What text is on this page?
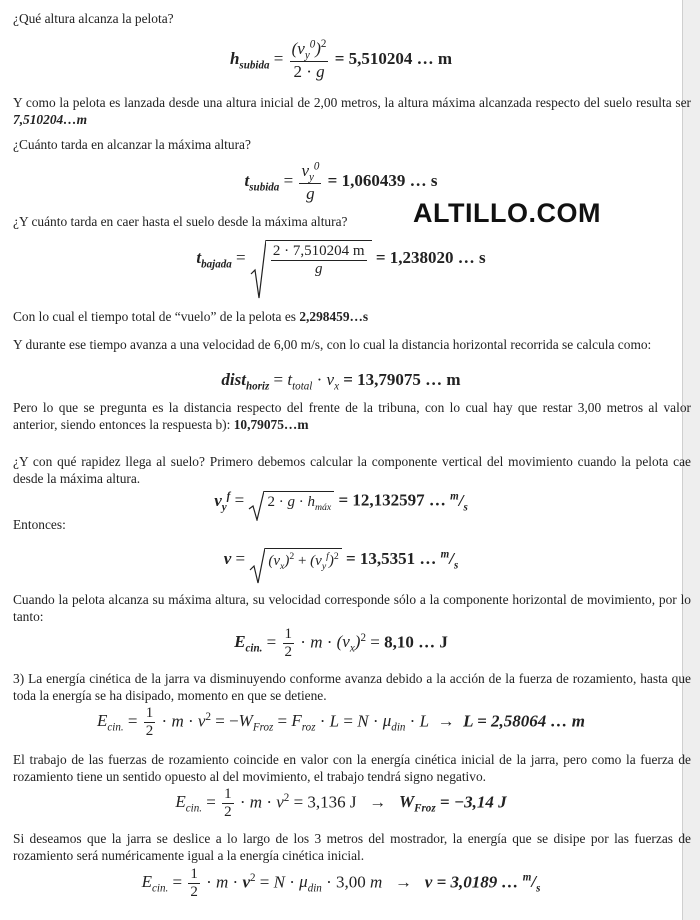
ALTILLO.COM

¿Qué altura alcanza la pelota?

$h_{subida} = \frac{(v_y^0)^2}{2 \cdot g} = 5,510204$ … m

Y como la pelota es lanzada desde una altura inicial de 2,00 metros, la altura máxima alcanzada respecto del suelo resulta ser 7,510204…m

¿Cuánto tarda en alcanzar la máxima altura?

$t_{subida} = \frac{v_y^0}{g} = 1,060439$ … s

¿Y cuánto tarda en caer hasta el suelo desde la máxima altura?

$t_{bajada} = \frac{2 \cdot 7,510204 m}{g} = 1,238020$ … s

Con lo cual el tiempo total de “vuelo” de la pelota es 2,298459…s

Y durante ese tiempo avanza a una velocidad de 6,00 m/s, con lo cual la distancia horizontal recorrida se calcula como:

dist$_{horiz}$ = $t_{total} \cdot v_x = 13,79075$ … m

Pero lo que se pregunta es la distancia respecto del frente de la tribuna, con lo cual hay que restar 3,00 metros al valor anterior, siendo entonces la respuesta b): 10,79075…m

¿Y con qué rapidez llega al suelo? Primero debemos calcular la componente vertical del movimiento cuando la pelota cae desde la máxima altura.

$v_y^f$ =
$2 \cdot g \cdot h_{máx} = 12,132597$ … $^m/_s$

Entonces:

v =
$(v_x)^2 + (v_y^f)^2 = 13,5351$ … $^m/_s$

Cuando la pelota alcanza su máxima altura, su velocidad corresponde sólo a la componente horizontal de movimiento, por lo tanto:

$E_{cin.} = \frac{1}{2} \cdot m \cdot (v_x)^2 = 8,10$ … J

3) La energía cinética de la jarra va disminuyendo conforme avanza debido a la acción de la fuerza de rozamiento, hasta que toda la energía se ha disipado, momento en que se detiene.

$E_{cin.} = \frac{1}{2} \cdot m \cdot v^2 = -W_{Froz} = F_{roz} \cdot L = N \cdot \mu_{din} \cdot L \to L = 2,58064$ … m

El trabajo de las fuerzas de rozamiento coincide en valor con la energía cinética inicial de la jarra, pero como la fuerza de rozamiento tiene un sentido opuesto al del movimiento, el trabajo tendrá signo negativo.

$E_{cin.} = \frac{1}{2} \cdot m \cdot v^2 = 3,136$ $J \to W_{Froz} = -3,14$ J

Si deseamos que la jarra se deslice a lo largo de los 3 metros del mostrador, la energía que se disipe por las fuerzas de rozamiento será numéricamente igual a la energía cinética inicial.

$E_{cin.} = \frac{1}{2} \cdot m \cdot v^2 = N \cdot \mu_{din} \cdot 3,00$ m   →   v = 3,0189 … $^m/_s$
